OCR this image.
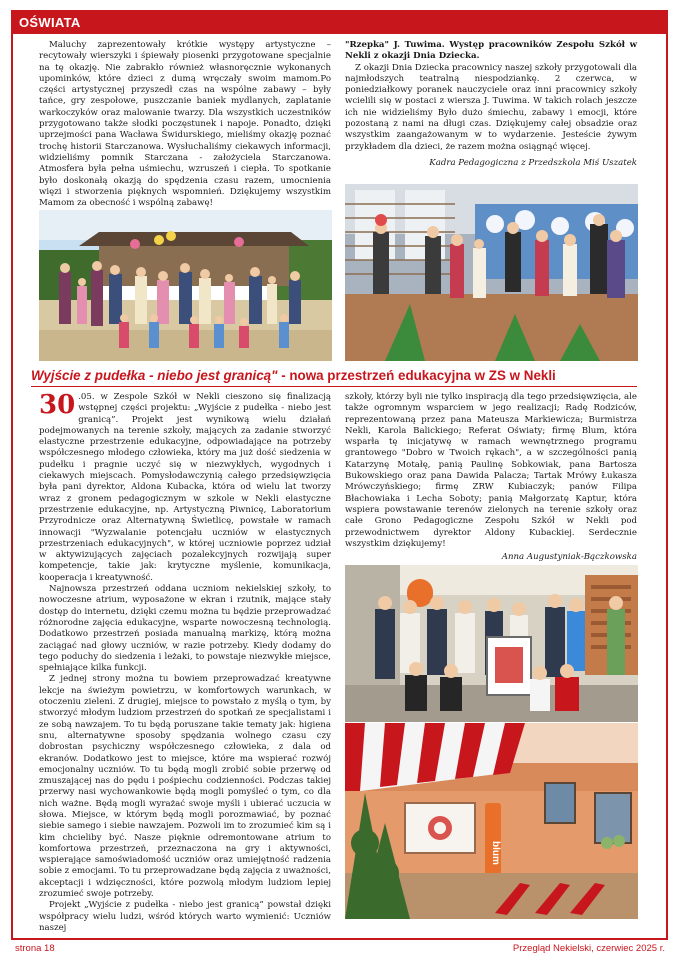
OŚWIATA

Maluchy zaprezentowały krótkie występy artystyczne – recytowały wierszyki i śpiewały piosenki przygotowane specjalnie na tę okazję. Nie zabrakło również własnoręcznie wykonanych upominków, które dzieci z dumą wręczały swoim mamom.Po części artystycznej przyszedł czas na wspólne zabawy – były tańce, gry zespołowe, puszczanie baniek mydlanych, zaplatanie warkoczyków oraz malowanie twarzy. Dla wszystkich uczestników przygotowano także słodki poczęstunek i napoje. Ponadto, dzięki uprzejmości pana Wacława Świdurskiego, mieliśmy okazję poznać trochę historii Starczanowa. Wysłuchaliśmy ciekawych informacji, widzieliśmy pomnik Starczana - założyciela Starczanowa. Atmosfera była pełna uśmiechu, wzruszeń i ciepła. To spotkanie było doskonałą okazją do spędzenia czasu razem, umocnienia więzi i stworzenia pięknych wspomnień. Dziękujemy wszystkim Mamom za obecność i wspólną zabawę!

"Rzepka" J. Tuwima. Występ pracowników Zespołu Szkół w Nekli z okazji Dnia Dziecka.

Z okazji Dnia Dziecka pracownicy naszej szkoły przygotowali dla najmłodszych teatralną niespodziankę. 2 czerwca, w poniedziałkowy poranek nauczyciele oraz inni pracownicy szkoły wcielili się w postaci z wiersza J. Tuwima. W takich rolach jeszcze ich nie widzieliśmy Było dużo śmiechu, zabawy i emocji, które pozostaną z nami na długi czas. Dziękujemy całej obsadzie oraz wszystkim zaangażowanym w to wydarzenie. Jesteście żywym przykładem dla dzieci, że razem można osiągnąć więcej.

Kadra Pedagogiczna z Przedszkola Miś Uszatek

Wyjście z pudełka - niebo jest granicą" - nowa przestrzeń edukacyjna w ZS w Nekli

30 .05. w Zespole Szkół w Nekli cieszono się finalizacją wstępnej części projektu: „Wyjście z pudełka - niebo jest granicą”. Projekt jest wynikową wielu działań podejmowanych na terenie szkoły, mających za zadanie stworzyć elastyczne przestrzenie edukacyjne, odpowiadające na potrzeby współczesnego młodego człowieka, który ma już dość siedzenia w pudełku i pragnie uczyć się w niezwykłych, wygodnych i ciekawych miejscach. Pomysłodawczynią całego przedsięwzięcia była pani dyrektor, Aldona Kubacka, która od wielu lat tworzy wraz z gronem pedagogicznym w szkole w Nekli elastyczne przestrzenie edukacyjne, np. Artystyczną Piwnicę, Laboratorium Przyrodnicze oraz Alternatywną Świetlicę, powstałe w ramach innowacji "Wyzwalanie potencjału uczniów w elastycznych przestrzeniach edukacyjnych", w której uczniowie poprzez udział w aktywizujących zajęciach pozalekcyjnych rozwijają super kompetencje, takie jak: krytyczne myślenie, komunikacja, kooperacja i kreatywność.

Najnowsza przestrzeń oddana uczniom nekielskiej szkoły, to nowoczesne atrium, wyposażone w ekran i rzutnik, mające stały dostęp do internetu, dzięki czemu można tu będzie przeprowadzać różnorodne zajęcia edukacyjne, wsparte nowoczesną technologią. Dodatkowo przestrzeń posiada manualną markizę, którą można zaciągać nad głowy uczniów, w razie potrzeby. Kiedy dodamy do tego poduchy do siedzenia i leżaki, to powstaje niezwykłe miejsce, spełniające kilka funkcji.

Z jednej strony można tu bowiem przeprowadzać kreatywne lekcje na świeżym powietrzu, w komfortowych warunkach, w otoczeniu zieleni. Z drugiej, miejsce to powstało z myślą o tym, by stworzyć młodym ludziom przestrzeń do spotkań ze specjalistami i ze sobą nawzajem. To tu będą poruszane takie tematy jak: higiena snu, alternatywne sposoby spędzania wolnego czasu czy dobrostan psychiczny współczesnego człowieka, z dala od ekranów. Dodatkowo jest to miejsce, które ma wspierać rozwój emocjonalny uczniów. To tu będą mogli zrobić sobie przerwę od zmuszającej nas do pędu i pośpiechu codzienności. Podczas takiej przerwy nasi wychowankowie będą mogli pomyśleć o tym, co dla nich ważne. Będą mogli wyrażać swoje myśli i ubierać uczucia w słowa. Miejsce, w którym będą mogli porozmawiać, by poznać siebie samego i siebie nawzajem. Pozwoli im to zrozumieć kim są i kim chcieliby być. Nasze pięknie odremontowane atrium to komfortowa przestrzeń, przeznaczona na gry i aktywności, wspierające samoświadomość uczniów oraz umiejętność radzenia sobie z emocjami. To tu przeprowadzane będą zajęcia z uważności, akceptacji i wdzięczności, które pozwolą młodym ludziom lepiej zrozumieć swoje potrzeby.

Projekt „Wyjście z pudełka - niebo jest granicą” powstał dzięki współpracy wielu ludzi, wśród których warto wymienić: Uczniów naszej

szkoły, którzy byli nie tylko inspiracją dla tego przedsięwzięcia, ale także ogromnym wsparciem w jego realizacji; Radę Rodziców, reprezentowaną przez pana Mateusza Markiewicza; Burmistrza Nekli, Karola Balickiego; Referat Oświaty; firmę Blum, która wsparła tę inicjatywę w ramach wewnętrznego programu grantowego "Dobro w Twoich rękach", a w szczególności panią Katarzynę Motałę, panią Paulinę Sobkowiak, pana Bartosza Bukowskiego oraz pana Dawida Palacza; Tartak Mrówy Łukasza Mrówczyńskiego; firmę ZRW Kubiaczyk; panów Filipa Błachowiaka i Lecha Soboty; panią Małgorzatę Kaptur, która wspiera powstawanie terenów zielonych na terenie szkoły oraz całe Grono Pedagogiczne Zespołu Szkół w Nekli pod przewodnictwem dyrektor Aldony Kubackiej. Serdecznie wszystkim dziękujemy!

Anna Augustyniak-Bączkowska

blum
strona 18	Przegląd Nekielski, czerwiec 2025 r.
